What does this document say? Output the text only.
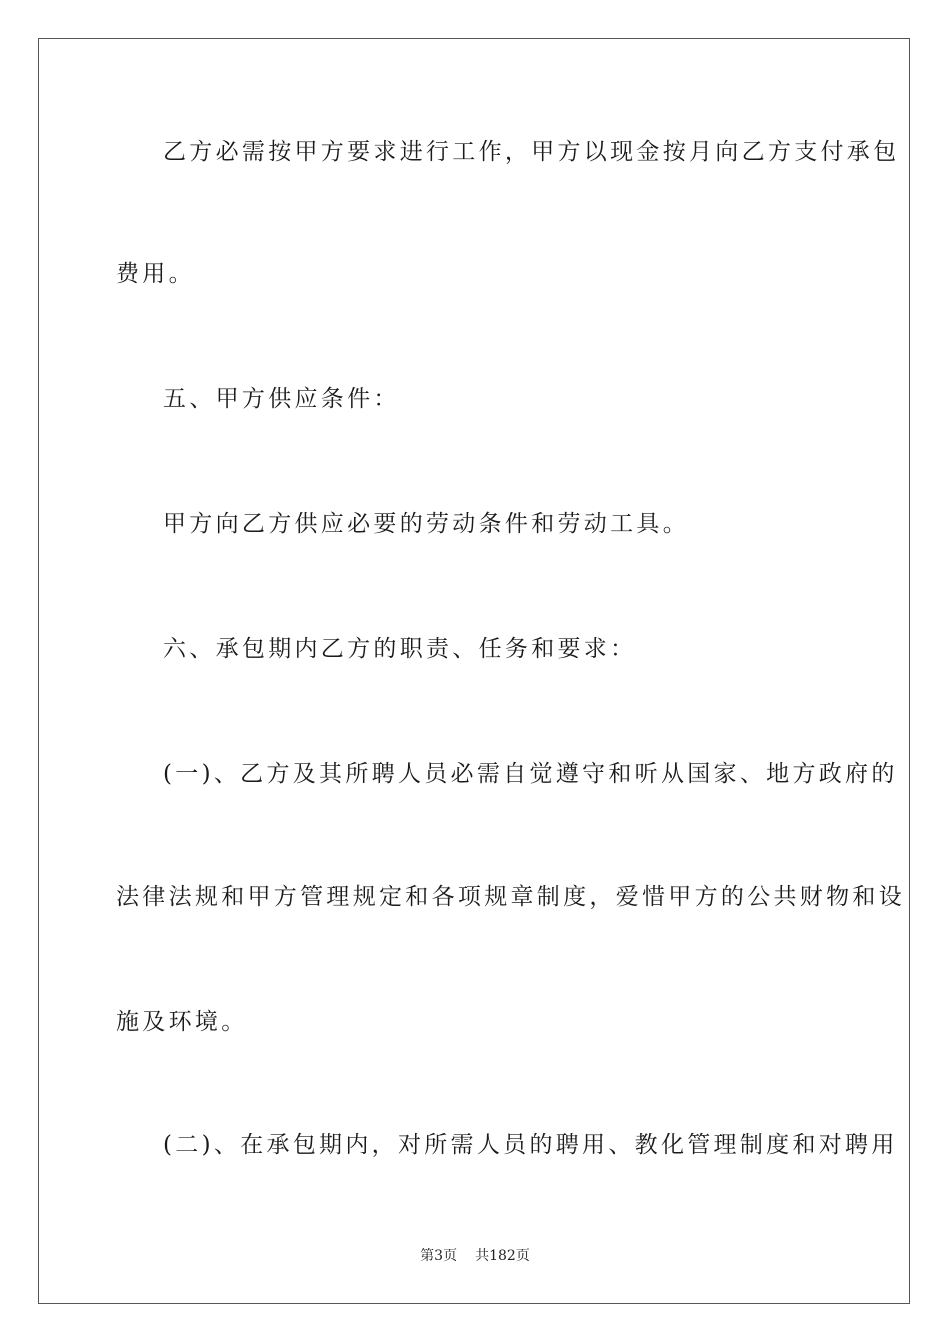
乙方必需按甲方要求进行工作，甲方以现金按月向乙方支付承包
费用。
五、甲方供应条件：
甲方向乙方供应必要的劳动条件和劳动工具。
六、承包期内乙方的职责、任务和要求：
(一)、乙方及其所聘人员必需自觉遵守和听从国家、地方政府的
法律法规和甲方管理规定和各项规章制度，爱惜甲方的公共财物和设
施及环境。
(二)、在承包期内，对所需人员的聘用、教化管理制度和对聘用
第3页 共182页
